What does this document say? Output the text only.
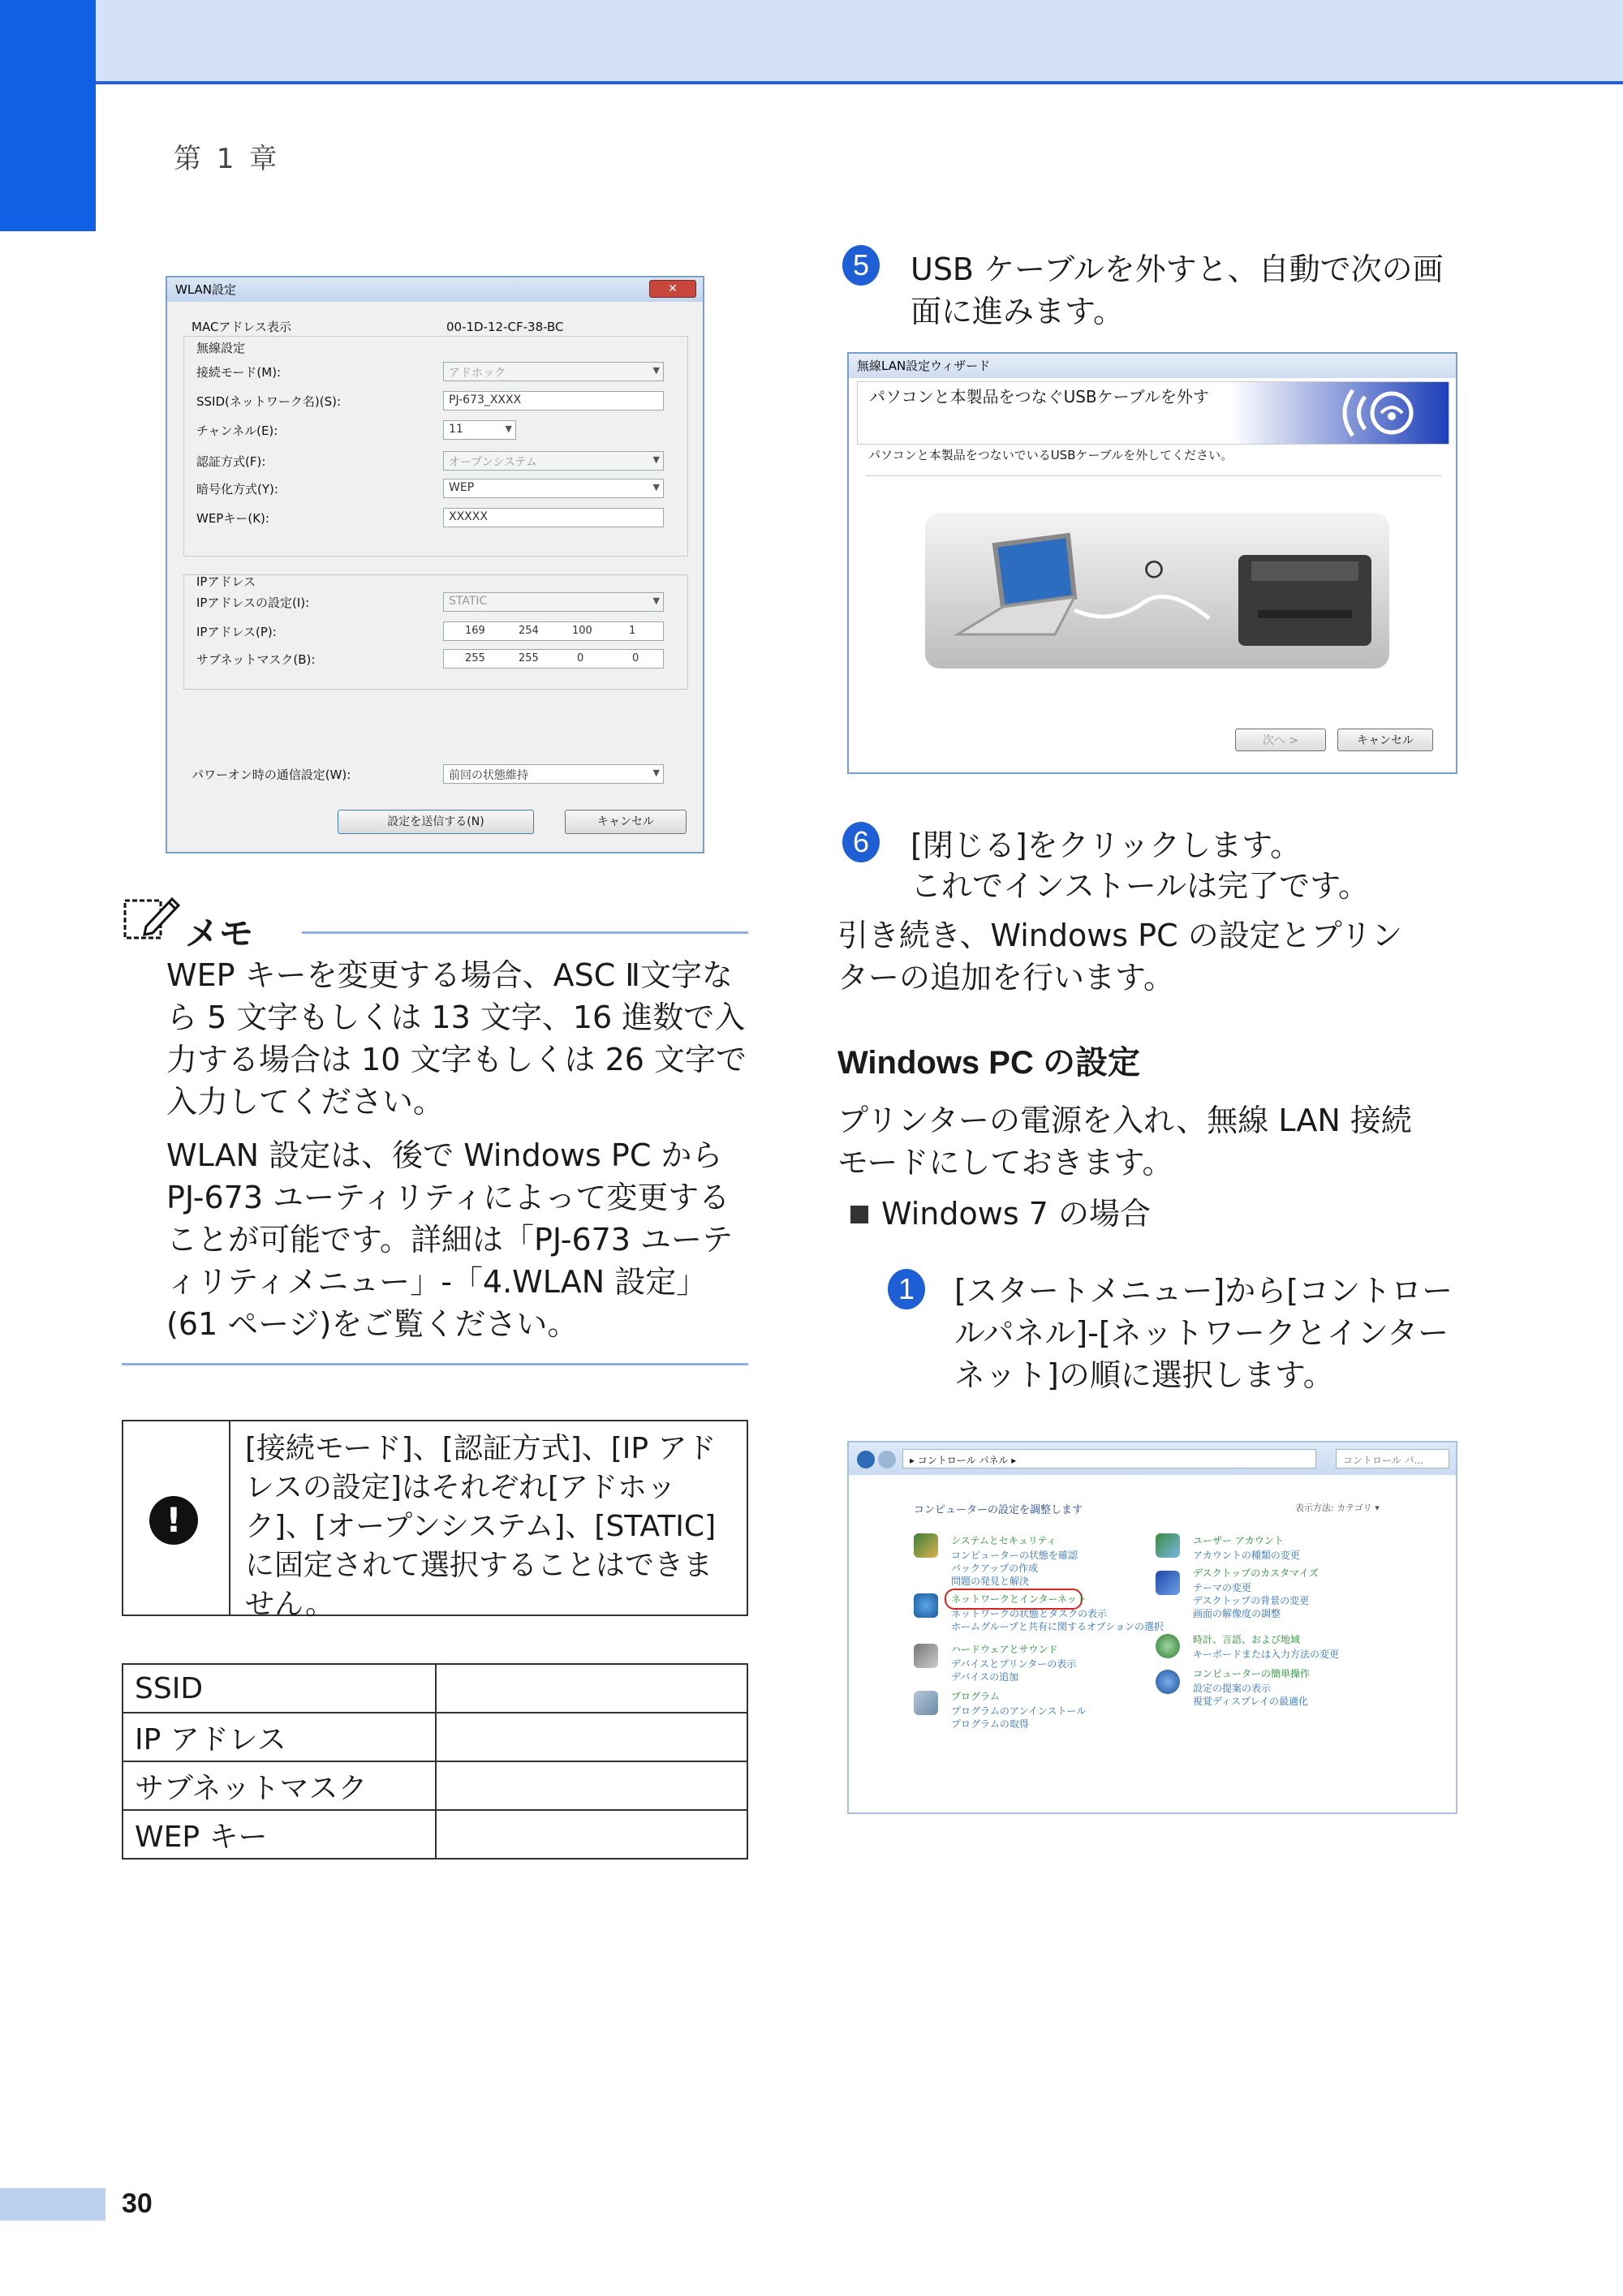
第 1 章
WLAN設定	✕
MACアドレス表示	00-1D-12-CF-38-BC
無線設定
接続モード(M):	アドホック	▼
SSID(ネットワーク名)(S):	PJ-673_XXXX
チャンネル(E):	11	▼
認証方式(F):	オープンシステム	▼
暗号化方式(Y):	WEP	▼
WEPキー(K):	XXXXX
IPアドレス
IPアドレスの設定(I):	STATIC	▼
IPアドレス(P):	169	254	100	1
サブネットマスク(B):	255	255	0	0
パワーオン時の通信設定(W):	前回の状態維持	▼
設定を送信する(N)	キャンセル
メモ
WEP キーを変更する場合、ASC Ⅱ文字なら 5 文字もしくは 13 文字、16 進数で入力する場合は 10 文字もしくは 26 文字で入力してください。
WLAN 設定は、後で Windows PC から PJ-673 ユーティリティによって変更することが可能です。詳細は「PJ-673 ユーティリティメニュー」-「4.WLAN 設定」(61 ページ)をご覧ください。
!
[接続モード]、[認証方式]、[IP アドレスの設定]はそれぞれ[アドホック]、[オープンシステム]、[STATIC]に固定されて選択することはできません。
SSID	
IP アドレス	
サブネットマスク	
WEP キー	
5	USB ケーブルを外すと、自動で次の画面に進みます。
無線LAN設定ウィザード
パソコンと本製品をつなぐUSBケーブルを外す
パソコンと本製品をつないでいるUSBケーブルを外してください。
⭘
次へ >	キャンセル
6	[閉じる]をクリックします。
これでインストールは完了です。
引き続き、Windows PC の設定とプリンターの追加を行います。
Windows PC の設定
プリンターの電源を入れ、無線 LAN 接続モードにしておきます。
Windows 7 の場合
1	[スタートメニュー]から[コントロールパネル]-[ネットワークとインターネット]の順に選択します。
▸ コントロール パネル ▸	コントロール パ...
コンピューターの設定を調整します	表示方法: カテゴリ ▾
システムとセキュリティ
コンピューターの状態を確認
バックアップの作成
問題の発見と解決
ネットワークとインターネット
ネットワークの状態とタスクの表示
ホームグループと共有に関するオプションの選択
ハードウェアとサウンド
デバイスとプリンターの表示
デバイスの追加
プログラム
プログラムのアンインストール
プログラムの取得
ユーザー アカウント
アカウントの種類の変更
デスクトップのカスタマイズ
テーマの変更
デスクトップの背景の変更
画面の解像度の調整
時計、言語、および地域
キーボードまたは入力方法の変更
コンピューターの簡単操作
設定の提案の表示
視覚ディスプレイの最適化
30
